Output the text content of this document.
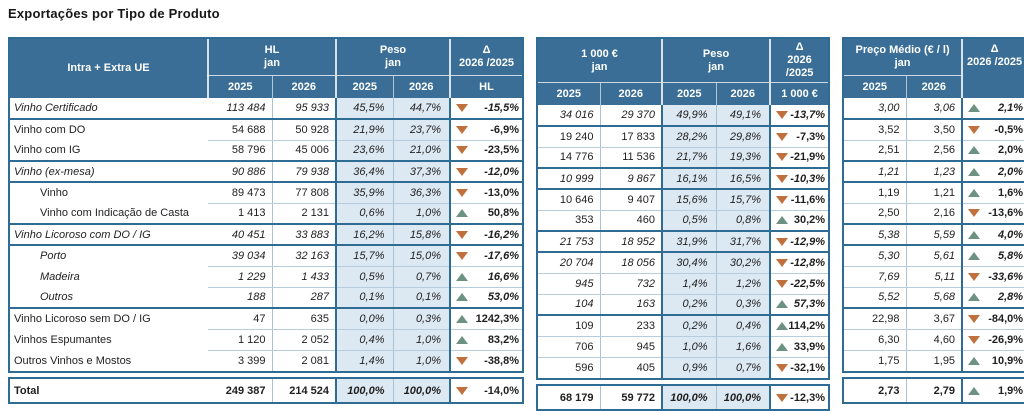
Exportações por Tipo de Produto
Intra + Extra UE	
HL
jan

Peso
jan

Δ
2026 /2025

	2025	2026	2025	2026	HL
Vinho Certificado	113 484	95 933	45,5%	44,7%	-15,5%

Vinho com DO	54 688	50 928	21,9%	23,7%	-6,9%

Vinho com IG	58 796	45 006	23,6%	21,0%	-23,5%

Vinho (ex-mesa)	90 886	79 938	36,4%	37,3%	-12,0%

Vinho	89 473	77 808	35,9%	36,3%	-13,0%

Vinho com Indicação de Casta	1 413	2 131	0,6%	1,0%	50,8%

Vinho Licoroso com DO / IG	40 451	33 883	16,2%	15,8%	-16,2%

Porto	39 034	32 163	15,7%	15,0%	-17,6%

Madeira	1 229	1 433	0,5%	0,7%	16,6%

Outros	188	287	0,1%	0,1%	53,0%

Vinho Licoroso sem DO / IG	47	635	0,0%	0,3%	1242,3%

Vinhos Espumantes	1 120	2 052	0,4%	1,0%	83,2%

Outros Vinhos e Mostos	3 399	2 081	1,4%	1,0%	-38,8%
Total	249 387	214 524	100,0%	100,0%	-14,0%
1 000 €
jan

Peso
jan

Δ
2026 /2025

2025	2026	2025	2026	1 000 €
34 016	29 370	49,9%	49,1%	-13,7%

19 240	17 833	28,2%	29,8%	-7,3%

14 776	11 536	21,7%	19,3%	-21,9%

10 999	9 867	16,1%	16,5%	-10,3%

10 646	9 407	15,6%	15,7%	-11,6%

353	460	0,5%	0,8%	30,2%

21 753	18 952	31,9%	31,7%	-12,9%

20 704	18 056	30,4%	30,2%	-12,8%

945	732	1,4%	1,2%	-22,5%

104	163	0,2%	0,3%	57,3%

109	233	0,2%	0,4%	114,2%

706	945	1,0%	1,6%	33,9%

596	405	0,9%	0,7%	-32,1%
68 179	59 772	100,0%	100,0%	-12,3%
Preço Médio (€ / l)
jan

Δ
2026 /2025

2025	2026	
3,00	3,06	2,1%

3,52	3,50	-0,5%

2,51	2,56	2,0%

1,21	1,23	2,0%

1,19	1,21	1,6%

2,50	2,16	-13,6%

5,38	5,59	4,0%

5,30	5,61	5,8%

7,69	5,11	-33,6%

5,52	5,68	2,8%

22,98	3,67	-84,0%

6,30	4,60	-26,9%

1,75	1,95	10,9%
2,73	2,79	1,9%
